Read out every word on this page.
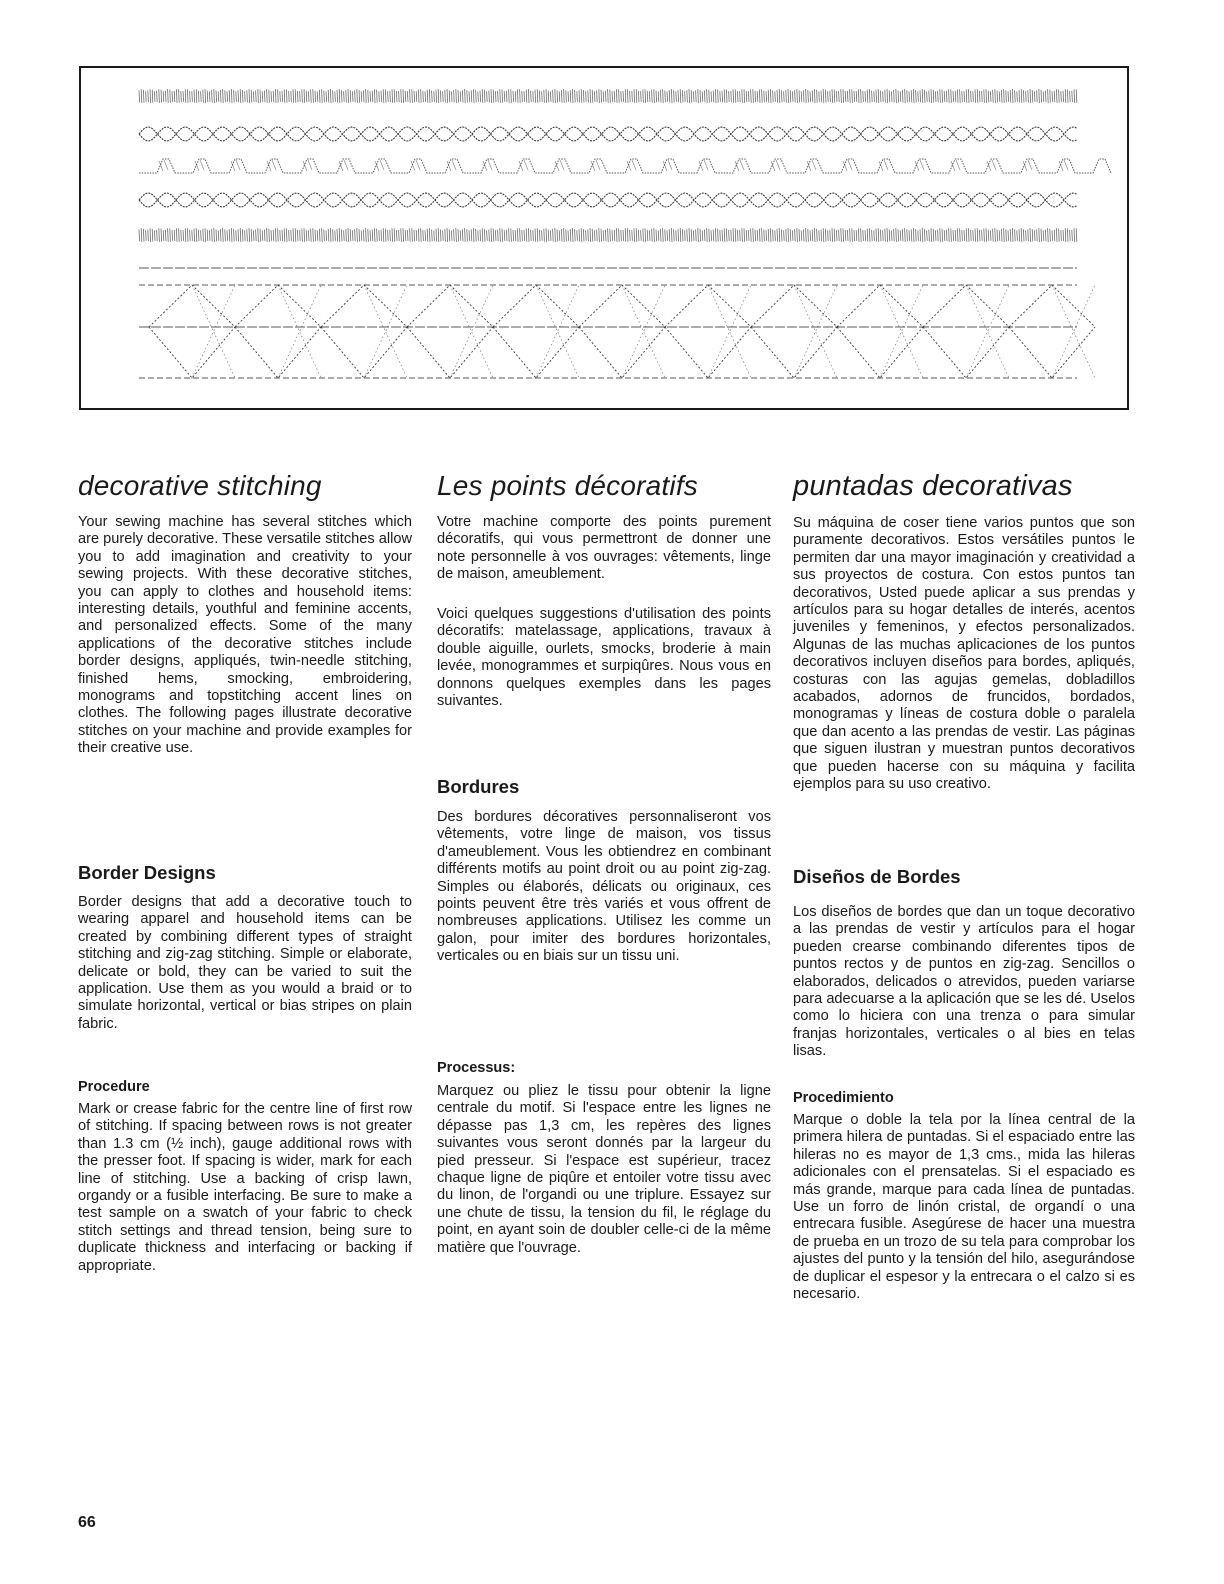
decorative stitching

Your sewing machine has several stitches which are purely decorative. These versatile stitches allow you to add imagination and creativity to your sewing projects. With these decorative stitches, you can apply to clothes and household items: interesting details, youthful and feminine accents, and personalized effects. Some of the many applications of the decorative stitches include border designs, appliqués, twin-needle stitching, finished hems, smocking, embroidering, monograms and topstitching accent lines on clothes. The following pages illustrate decorative stitches on your machine and provide examples for their creative use.

Border Designs

Border designs that add a decorative touch to wearing apparel and household items can be created by combining different types of straight stitching and zig-zag stitching. Simple or elaborate, delicate or bold, they can be varied to suit the application. Use them as you would a braid or to simulate horizontal, vertical or bias stripes on plain fabric.

Procedure

Mark or crease fabric for the centre line of first row of stitching. If spacing between rows is not greater than 1.3 cm (½ inch), gauge additional rows with the presser foot. If spacing is wider, mark for each line of stitching. Use a backing of crisp lawn, organdy or a fusible interfacing. Be sure to make a test sample on a swatch of your fabric to check stitch settings and thread tension, being sure to duplicate thickness and interfacing or backing if appropriate.

Les points décoratifs

Votre machine comporte des points purement décoratifs, qui vous permettront de donner une note personnelle à vos ouvrages: vêtements, linge de maison, ameublement.

Voici quelques suggestions d'utilisation des points décoratifs: matelassage, applications, travaux à double aiguille, ourlets, smocks, broderie à main levée, monogrammes et surpiqûres. Nous vous en donnons quelques exemples dans les pages suivantes.

Bordures

Des bordures décoratives personnaliseront vos vêtements, votre linge de maison, vos tissus d'ameublement. Vous les obtiendrez en combinant différents motifs au point droit ou au point zig-zag. Simples ou élaborés, délicats ou originaux, ces points peuvent être très variés et vous offrent de nombreuses applications. Utilisez les comme un galon, pour imiter des bordures horizontales, verticales ou en biais sur un tissu uni.

Processus:

Marquez ou pliez le tissu pour obtenir la ligne centrale du motif. Si l'espace entre les lignes ne dépasse pas 1,3 cm, les repères des lignes suivantes vous seront donnés par la largeur du pied presseur. Si l'espace est supérieur, tracez chaque ligne de piqûre et entoiler votre tissu avec du linon, de l'organdi ou une triplure. Essayez sur une chute de tissu, la tension du fil, le réglage du point, en ayant soin de doubler celle-ci de la même matière que l'ouvrage.

puntadas decorativas

Su máquina de coser tiene varios puntos que son puramente decorativos. Estos versátiles puntos le permiten dar una mayor imaginación y creatividad a sus proyectos de costura. Con estos puntos tan decorativos, Usted puede aplicar a sus prendas y artículos para su hogar detalles de interés, acentos juveniles y femeninos, y efectos personalizados. Algunas de las muchas aplicaciones de los puntos decorativos incluyen diseños para bordes, apliqués, costuras con las agujas gemelas, dobladillos acabados, adornos de fruncidos, bordados, monogramas y líneas de costura doble o paralela que dan acento a las prendas de vestir. Las páginas que siguen ilustran y muestran puntos decorativos que pueden hacerse con su máquina y facilita ejemplos para su uso creativo.

Diseños de Bordes

Los diseños de bordes que dan un toque decorativo a las prendas de vestir y artículos para el hogar pueden crearse combinando diferentes tipos de puntos rectos y de puntos en zig-zag. Sencillos o elaborados, delicados o atrevidos, pueden variarse para adecuarse a la aplicación que se les dé. Uselos como lo hiciera con una trenza o para simular franjas horizontales, verticales o al bies en telas lisas.

Procedimiento

Marque o doble la tela por la línea central de la primera hilera de puntadas. Si el espaciado entre las hileras no es mayor de 1,3 cms., mida las hileras adicionales con el prensatelas. Si el espaciado es más grande, marque para cada línea de puntadas. Use un forro de linón cristal, de organdí o una entrecara fusible. Asegúrese de hacer una muestra de prueba en un trozo de su tela para comprobar los ajustes del punto y la tensión del hilo, asegurándose de duplicar el espesor y la entrecara o el calzo si es necesario.

66
